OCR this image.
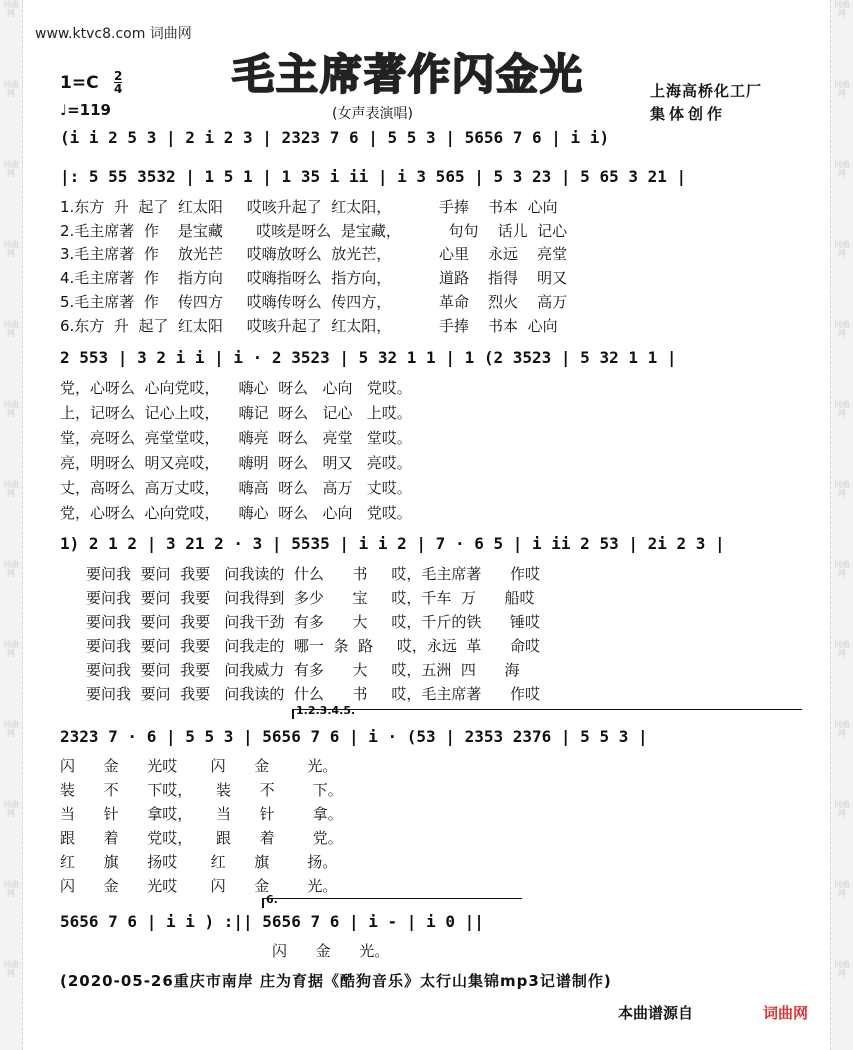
词曲网
词曲网
词曲网
词曲网
词曲网
词曲网
词曲网
词曲网
词曲网
词曲网
词曲网
词曲网
词曲网
词曲网
词曲网
词曲网
词曲网
词曲网
词曲网
词曲网
词曲网
词曲网
词曲网
词曲网
词曲网
词曲网
www.ktvc8.com 词曲网
毛主席著作闪金光
$1=C \frac{2}{4}$
♩=119	(女声表演唱)
上海高桥化工厂
集体创作
(i i 2 5 3 | 2 i 2 3 | 2323 7 6 | 5 5 3 | 5656 7 6 | i i)
|: 5 55 3532 | 1 5 1 | 1 35 i ii | i 3 565 | 5 3 23 | 5 65 3 21 |
1.东方  升  起了  红太阳     哎咳升起了  红太阳，          手捧    书本  心向
2.毛主席著  作    是宝藏       哎咳是呀么  是宝藏，          句句    话儿  记心
3.毛主席著  作    放光芒     哎嗨放呀么  放光芒，          心里    永远    亮堂
4.毛主席著  作    指方向     哎嗨指呀么  指方向，          道路    指得    明又
5.毛主席著  作    传四方     哎嗨传呀么  传四方，          革命    烈火    高万
6.东方  升  起了  红太阳     哎咳升起了  红太阳，          手捧    书本  心向
2 553 | 3 2 i i | i · 2 3523 | 5 32 1 1 | 1 (2 3523 | 5 32 1 1 |
党，心呀么  心向党哎，    嗨心  呀么   心向   党哎。
上，记呀么  记心上哎，    嗨记  呀么   记心   上哎。
堂，亮呀么  亮堂堂哎，    嗨亮  呀么   亮堂   堂哎。
亮，明呀么  明又亮哎，    嗨明  呀么   明又   亮哎。
丈，高呀么  高万丈哎，    嗨高  呀么   高万   丈哎。
党，心呀么  心向党哎，    嗨心  呀么   心向   党哎。
1) 2 1 2 | 3 21 2 · 3 | 5535 | i i 2 | 7 · 6 5 | i ii 2 53 | 2i 2 3 |
要问我  要问  我要   问我读的  什么      书     哎，毛主席著      作哎
要问我  要问  我要   问我得到  多少      宝     哎，千车  万      船哎
要问我  要问  我要   问我干劲  有多      大     哎，千斤的铁      锤哎
要问我  要问  我要   问我走的  哪一  条  路     哎，永远  革      命哎
要问我  要问  我要   问我威力  有多      大     哎，五洲  四      海
要问我  要问  我要   问我读的  什么      书     哎，毛主席著      作哎
1.2.3.4.5.
2323 7 · 6 | 5 5 3 | 5656 7 6 | i · (53 | 2353 2376 | 5 5 3 |
闪      金      光哎       闪      金        光。
装      不      下哎，     装      不        下。
当      针      拿哎，     当      针        拿。
跟      着      党哎，     跟      着        党。
红      旗      扬哎       红      旗        扬。
闪      金      光哎       闪      金        光。
6.
5656 7 6 | i i ) :|| 5656 7 6 | i - | i 0 ||
闪      金      光。
(2020-05-26重庆市南岸 庄为育据《酷狗音乐》太行山集锦mp3记谱制作)
本曲谱源自	词曲网
